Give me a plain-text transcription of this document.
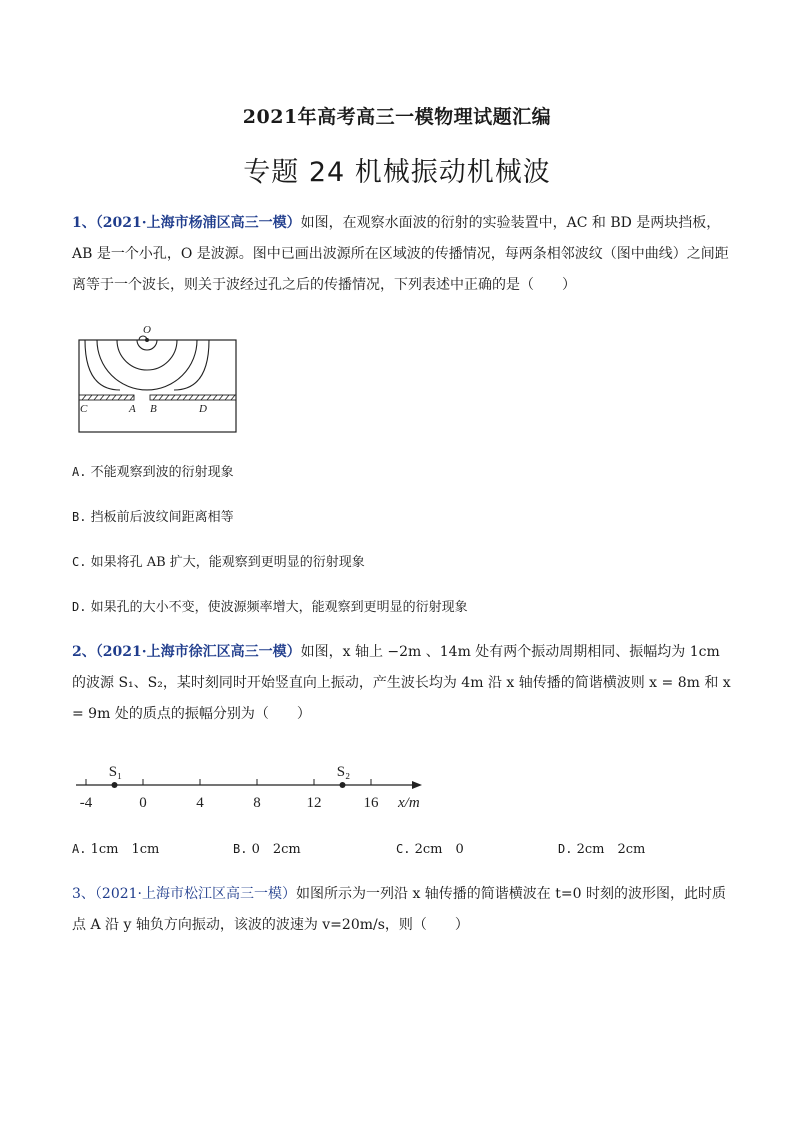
2021年高考高三一模物理试题汇编
专题 24 机械振动机械波
1、（2021·上海市杨浦区高三一模）如图，在观察水面波的衍射的实验装置中，AC 和 BD 是两块挡板，AB 是一个小孔，O 是波源。图中已画出波源所在区域波的传播情况，每两条相邻波纹（图中曲线）之间距离等于一个波长，则关于波经过孔之后的传播情况，下列表述中正确的是（　　）
O
C	A B	D
A. 不能观察到波的衍射现象
B. 挡板前后波纹间距离相等
C. 如果将孔 AB 扩大，能观察到更明显的衍射现象
D. 如果孔的大小不变，使波源频率增大，能观察到更明显的衍射现象
2、（2021·上海市徐汇区高三一模）如图，x 轴上 −2m 、14m 处有两个振动周期相同、振幅均为 1cm 的波源 S₁、S₂，某时刻同时开始竖直向上振动，产生波长均为 4m 沿 x 轴传播的简谐横波则 x = 8m 和 x = 9m 处的质点的振幅分别为（　　）
-4	0	4	8	12	16
S₁	S₂
x/m
A. 1cm　1cm	B. 0　2cm	C. 2cm　0	D. 2cm　2cm
3、（2021·上海市松江区高三一模）如图所示为一列沿 x 轴传播的简谐横波在 t=0 时刻的波形图，此时质点 A 沿 y 轴负方向振动，该波的波速为 v=20m/s，则（　　）
